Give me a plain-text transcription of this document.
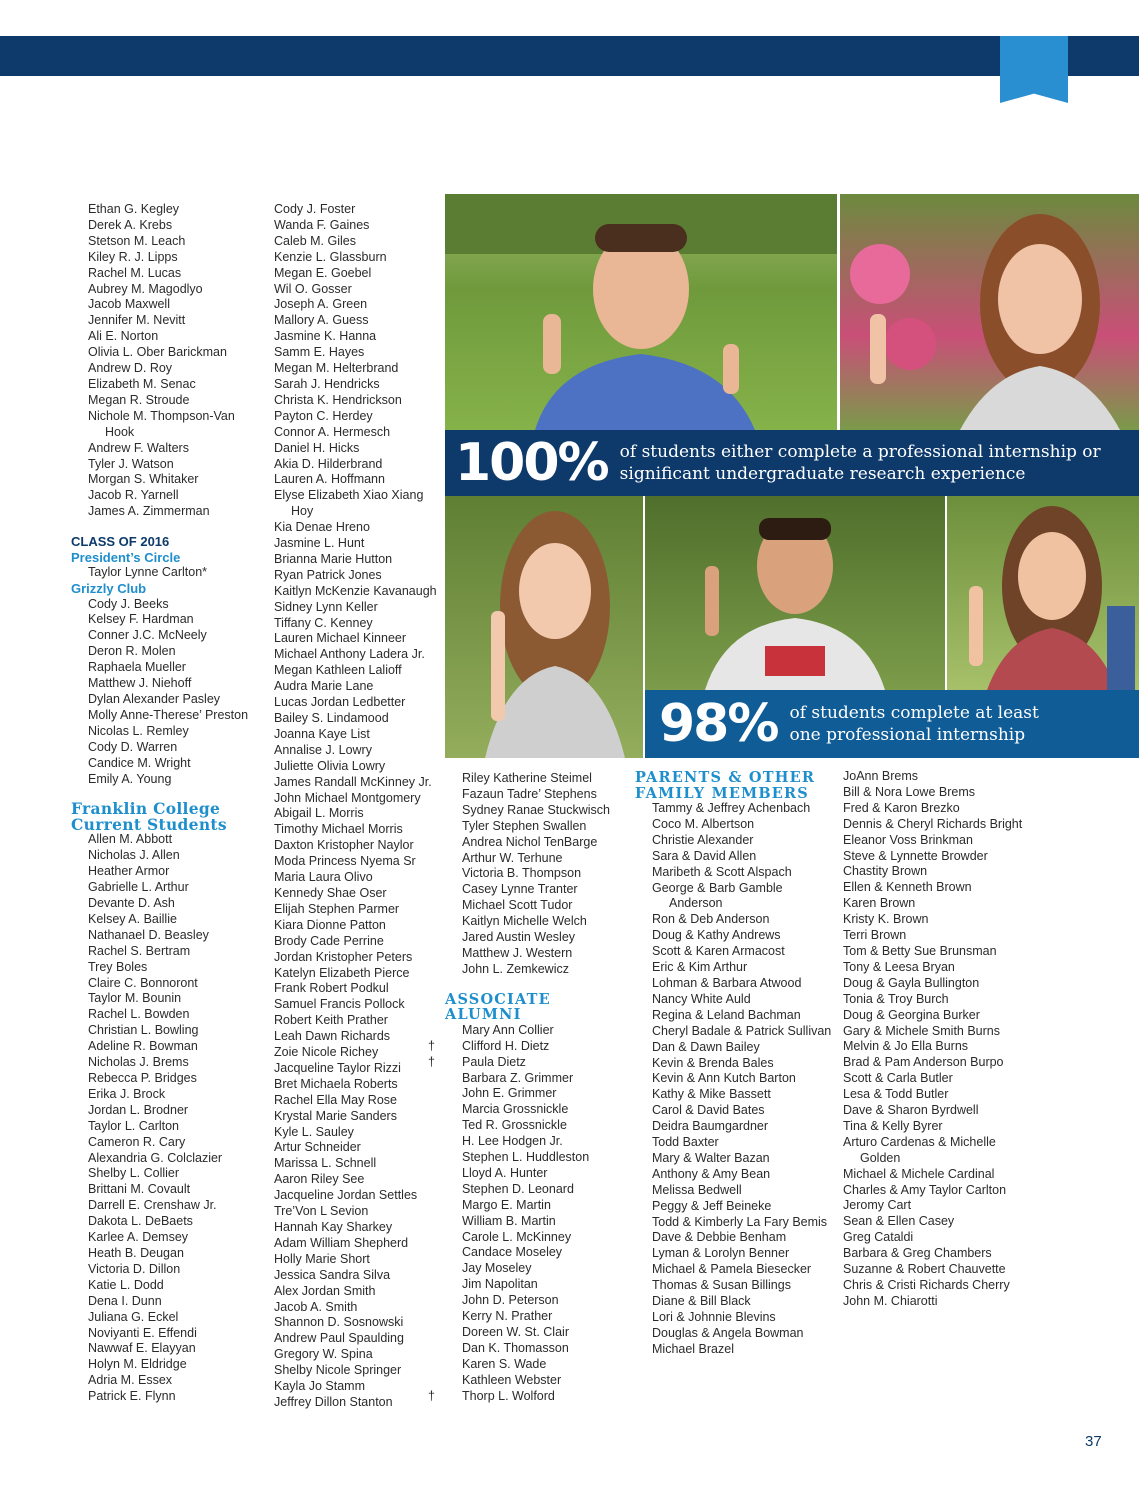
100% of students either complete a professional internship or significant undergraduate research experience
98% of students complete at least one professional internship
Ethan G. Kegley
Derek A. Krebs
Stetson M. Leach
Kiley R. J. Lipps
Rachel M. Lucas
Aubrey M. Magodlyo
Jacob Maxwell
Jennifer M. Nevitt
Ali E. Norton
Olivia L. Ober Barickman
Andrew D. Roy
Elizabeth M. Senac
Megan R. Stroude
Nichole M. Thompson-Van Hook
Andrew F. Walters
Tyler J. Watson
Morgan S. Whitaker
Jacob R. Yarnell
James A. Zimmerman
CLASS OF 2016
President’s Circle
Taylor Lynne Carlton*
Grizzly Club
Cody J. Beeks
Kelsey F. Hardman
Conner J.C. McNeely
Deron R. Molen
Raphaela Mueller
Matthew J. Niehoff
Dylan Alexander Pasley
Molly Anne-Therese’ Preston
Nicolas L. Remley
Cody D. Warren
Candice M. Wright
Emily A. Young
Franklin College Current Students
Allen M. Abbott
Nicholas J. Allen
Heather Armor
Gabrielle L. Arthur
Devante D. Ash
Kelsey A. Baillie
Nathanael D. Beasley
Rachel S. Bertram
Trey Boles
Claire C. Bonnoront
Taylor M. Bounin
Rachel L. Bowden
Christian L. Bowling
Adeline R. Bowman
Nicholas J. Brems
Rebecca P. Bridges
Erika J. Brock
Jordan L. Brodner
Taylor L. Carlton
Cameron R. Cary
Alexandria G. Colclazier
Shelby L. Collier
Brittani M. Covault
Darrell E. Crenshaw Jr.
Dakota L. DeBaets
Karlee A. Demsey
Heath B. Deugan
Victoria D. Dillon
Katie L. Dodd
Dena I. Dunn
Juliana G. Eckel
Noviyanti E. Effendi
Nawwaf E. Elayyan
Holyn M. Eldridge
Adria M. Essex
Patrick E. Flynn
Cody J. Foster
Wanda F. Gaines
Caleb M. Giles
Kenzie L. Glassburn
Megan E. Goebel
Wil O. Gosser
Joseph A. Green
Mallory A. Guess
Jasmine K. Hanna
Samm E. Hayes
Megan M. Helterbrand
Sarah J. Hendricks
Christa K. Hendrickson
Payton C. Herdey
Connor A. Hermesch
Daniel H. Hicks
Akia D. Hilderbrand
Lauren A. Hoffmann
Elyse Elizabeth Xiao Xiang Hoy
Kia Denae Hreno
Jasmine L. Hunt
Brianna Marie Hutton
Ryan Patrick Jones
Kaitlyn McKenzie Kavanaugh
Sidney Lynn Keller
Tiffany C. Kenney
Lauren Michael Kinneer
Michael Anthony Ladera Jr.
Megan Kathleen Lalioff
Audra Marie Lane
Lucas Jordan Ledbetter
Bailey S. Lindamood
Joanna Kaye List
Annalise J. Lowry
Juliette Olivia Lowry
James Randall McKinney Jr.
John Michael Montgomery
Abigail L. Morris
Timothy Michael Morris
Daxton Kristopher Naylor
Moda Princess Nyema Sr
Maria Laura Olivo
Kennedy Shae Oser
Elijah Stephen Parmer
Kiara Dionne Patton
Brody Cade Perrine
Jordan Kristopher Peters
Katelyn Elizabeth Pierce
Frank Robert Podkul
Samuel Francis Pollock
Robert Keith Prather
Leah Dawn Richards
Zoie Nicole Richey
Jacqueline Taylor Rizzi
Bret Michaela Roberts
Rachel Ella May Rose
Krystal Marie Sanders
Kyle L. Sauley
Artur Schneider
Marissa L. Schnell
Aaron Riley See
Jacqueline Jordan Settles
Tre’Von L Sevion
Hannah Kay Sharkey
Adam William Shepherd
Holly Marie Short
Jessica Sandra Silva
Alex Jordan Smith
Jacob A. Smith
Shannon D. Sosnowski
Andrew Paul Spaulding
Gregory W. Spina
Shelby Nicole Springer
Kayla Jo Stamm
Jeffrey Dillon Stanton
Riley Katherine Steimel
Fazaun Tadre’ Stephens
Sydney Ranae Stuckwisch
Tyler Stephen Swallen
Andrea Nichol TenBarge
Arthur W. Terhune
Victoria B. Thompson
Casey Lynne Tranter
Michael Scott Tudor
Kaitlyn Michelle Welch
Jared Austin Wesley
Matthew J. Western
John L. Zemkewicz
ASSOCIATE ALUMNI
Mary Ann Collier
† Clifford H. Dietz
† Paula Dietz
Barbara Z. Grimmer
John E. Grimmer
Marcia Grossnickle
Ted R. Grossnickle
H. Lee Hodgen Jr.
Stephen L. Huddleston
Lloyd A. Hunter
Stephen D. Leonard
Margo E. Martin
William B. Martin
Carole L. McKinney
Candace Moseley
Jay Moseley
Jim Napolitan
John D. Peterson
Kerry N. Prather
Doreen W. St. Clair
Dan K. Thomasson
Karen S. Wade
Kathleen Webster
† Thorp L. Wolford
PARENTS & OTHER FAMILY MEMBERS
Tammy & Jeffrey Achenbach
Coco M. Albertson
Christie Alexander
Sara & David Allen
Maribeth & Scott Alspach
George & Barb Gamble Anderson
Ron & Deb Anderson
Doug & Kathy Andrews
Scott & Karen Armacost
Eric & Kim Arthur
Lohman & Barbara Atwood
Nancy White Auld
Regina & Leland Bachman
Cheryl Badale & Patrick Sullivan
Dan & Dawn Bailey
Kevin & Brenda Bales
Kevin & Ann Kutch Barton
Kathy & Mike Bassett
Carol & David Bates
Deidra Baumgardner
Todd Baxter
Mary & Walter Bazan
Anthony & Amy Bean
Melissa Bedwell
Peggy & Jeff Beineke
Todd & Kimberly La Fary Bemis
Dave & Debbie Benham
Lyman & Lorolyn Benner
Michael & Pamela Biesecker
Thomas & Susan Billings
Diane & Bill Black
Lori & Johnnie Blevins
Douglas & Angela Bowman
Michael Brazel
JoAnn Brems
Bill & Nora Lowe Brems
Fred & Karon Brezko
Dennis & Cheryl Richards Bright
Eleanor Voss Brinkman
Steve & Lynnette Browder
Chastity Brown
Ellen & Kenneth Brown
Karen Brown
Kristy K. Brown
Terri Brown
Tom & Betty Sue Brunsman
Tony & Leesa Bryan
Doug & Gayla Bullington
Tonia & Troy Burch
Doug & Georgina Burker
Gary & Michele Smith Burns
Melvin & Jo Ella Burns
Brad & Pam Anderson Burpo
Scott & Carla Butler
Lesa & Todd Butler
Dave & Sharon Byrdwell
Tina & Kelly Byrer
Arturo Cardenas & Michelle Golden
Michael & Michele Cardinal
Charles & Amy Taylor Carlton
Jeromy Cart
Sean & Ellen Casey
Greg Cataldi
Barbara & Greg Chambers
Suzanne & Robert Chauvette
Chris & Cristi Richards Cherry
John M. Chiarotti
37
